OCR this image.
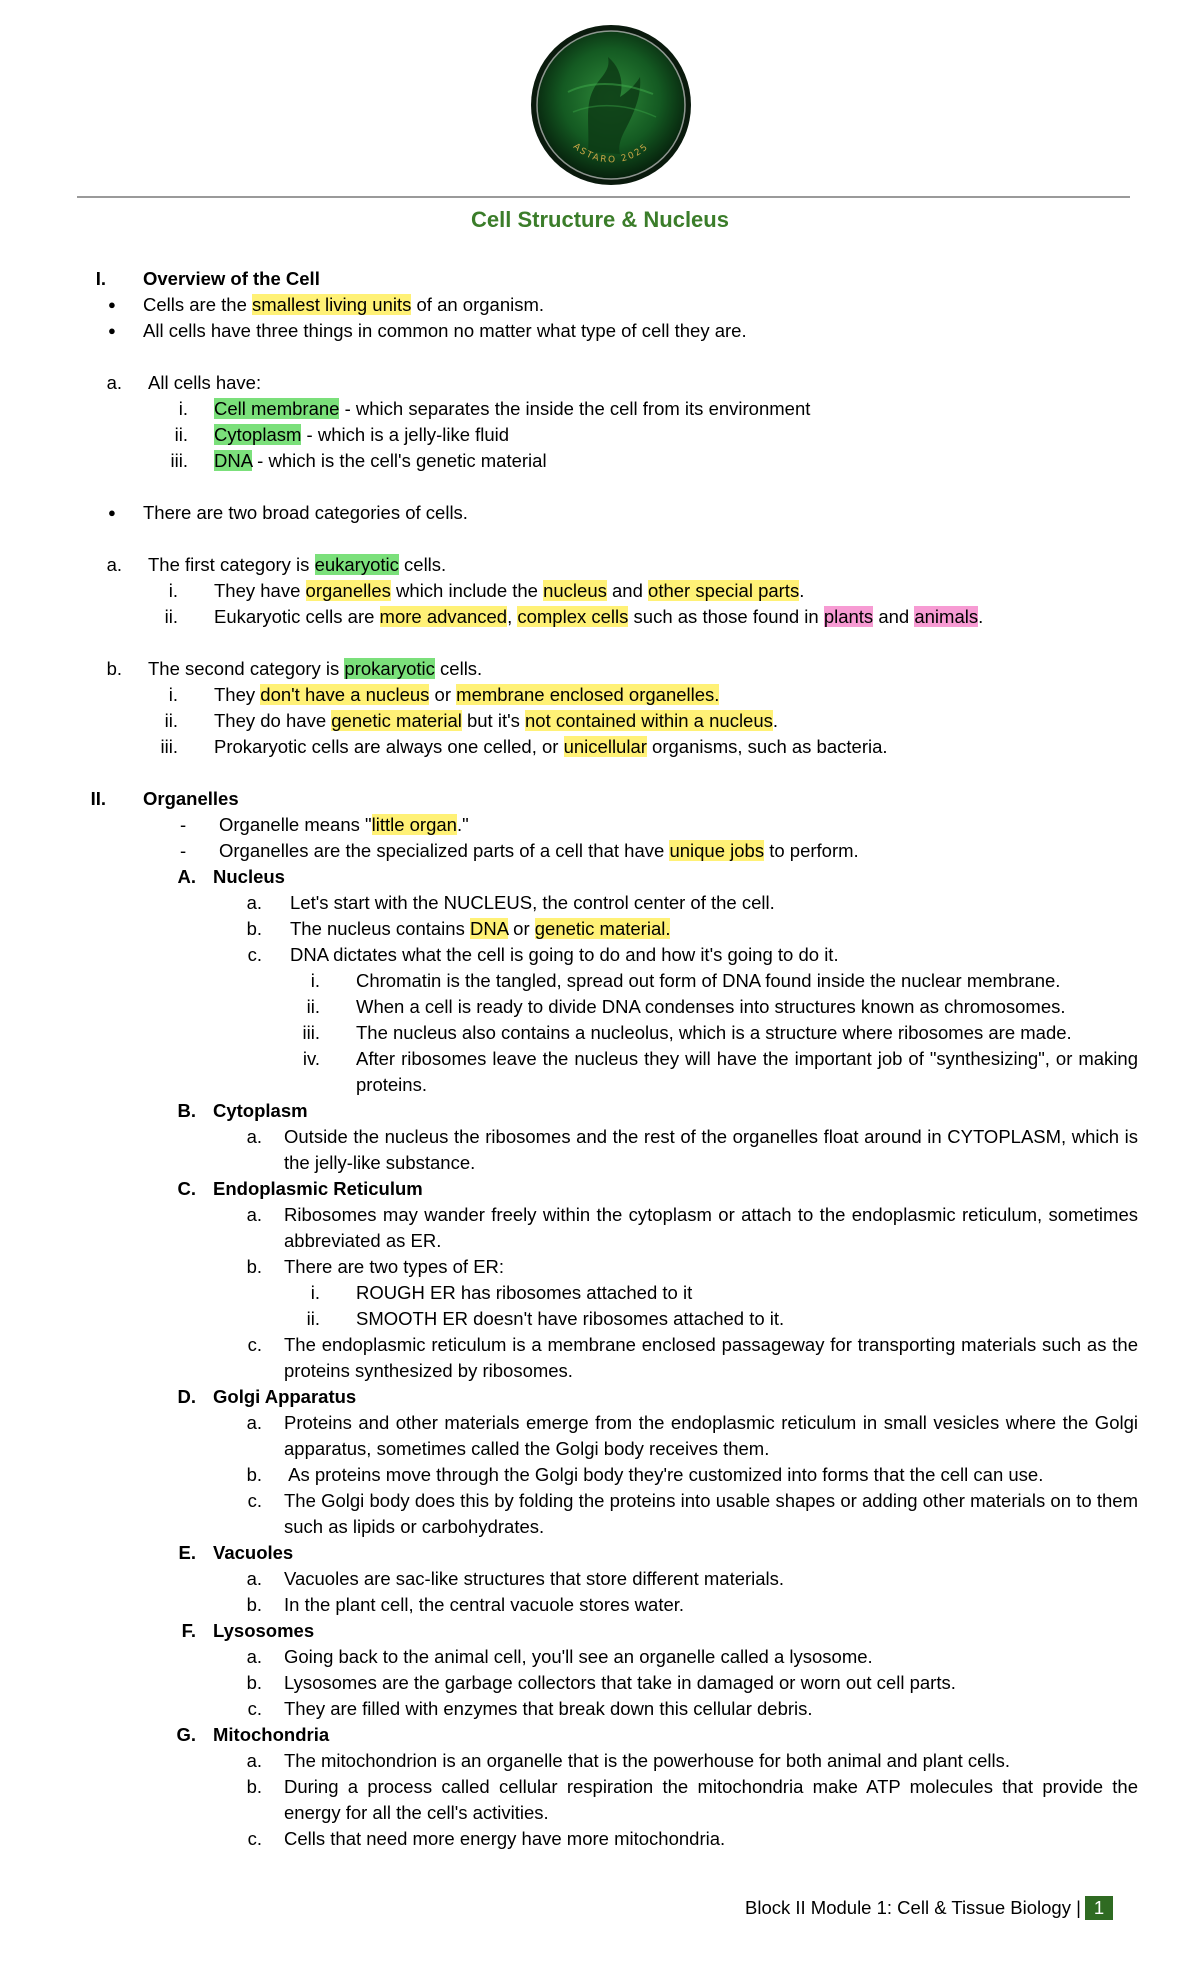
ASTARO 2025
Cell Structure & Nucleus
I. Overview of the Cell
● Cells are the smallest living units of an organism.
● All cells have three things in common no matter what type of cell they are.
a. All cells have:
i. Cell membrane - which separates the inside the cell from its environment
ii. Cytoplasm - which is a jelly-like fluid
iii. DNA - which is the cell's genetic material
● There are two broad categories of cells.
a. The first category is eukaryotic cells.
i. They have organelles which include the nucleus and other special parts.
ii. Eukaryotic cells are more advanced, complex cells such as those found in plants and animals.
b. The second category is prokaryotic cells.
i. They don't have a nucleus or membrane enclosed organelles.
ii. They do have genetic material but it's not contained within a nucleus.
iii. Prokaryotic cells are always one celled, or unicellular organisms, such as bacteria.
II. Organelles
- Organelle means "little organ."
- Organelles are the specialized parts of a cell that have unique jobs to perform.
A. Nucleus
a. Let's start with the NUCLEUS, the control center of the cell.
b. The nucleus contains DNA or genetic material.
c. DNA dictates what the cell is going to do and how it's going to do it.
i. Chromatin is the tangled, spread out form of DNA found inside the nuclear membrane.
ii. When a cell is ready to divide DNA condenses into structures known as chromosomes.
iii. The nucleus also contains a nucleolus, which is a structure where ribosomes are made.
iv. After ribosomes leave the nucleus they will have the important job of "synthesizing", or making proteins.
B. Cytoplasm
a. Outside the nucleus the ribosomes and the rest of the organelles float around in CYTOPLASM, which is the jelly-like substance.
C. Endoplasmic Reticulum
a. Ribosomes may wander freely within the cytoplasm or attach to the endoplasmic reticulum, sometimes abbreviated as ER.
b. There are two types of ER:
i. ROUGH ER has ribosomes attached to it
ii. SMOOTH ER doesn't have ribosomes attached to it.
c. The endoplasmic reticulum is a membrane enclosed passageway for transporting materials such as the proteins synthesized by ribosomes.
D. Golgi Apparatus
a. Proteins and other materials emerge from the endoplasmic reticulum in small vesicles where the Golgi apparatus, sometimes called the Golgi body receives them.
b. As proteins move through the Golgi body they're customized into forms that the cell can use.
c. The Golgi body does this by folding the proteins into usable shapes or adding other materials on to them such as lipids or carbohydrates.
E. Vacuoles
a. Vacuoles are sac-like structures that store different materials.
b. In the plant cell, the central vacuole stores water.
F. Lysosomes
a. Going back to the animal cell, you'll see an organelle called a lysosome.
b. Lysosomes are the garbage collectors that take in damaged or worn out cell parts.
c. They are filled with enzymes that break down this cellular debris.
G. Mitochondria
a. The mitochondrion is an organelle that is the powerhouse for both animal and plant cells.
b. During a process called cellular respiration the mitochondria make ATP molecules that provide the energy for all the cell's activities.
c. Cells that need more energy have more mitochondria.
Block II Module 1: Cell & Tissue Biology | 1
